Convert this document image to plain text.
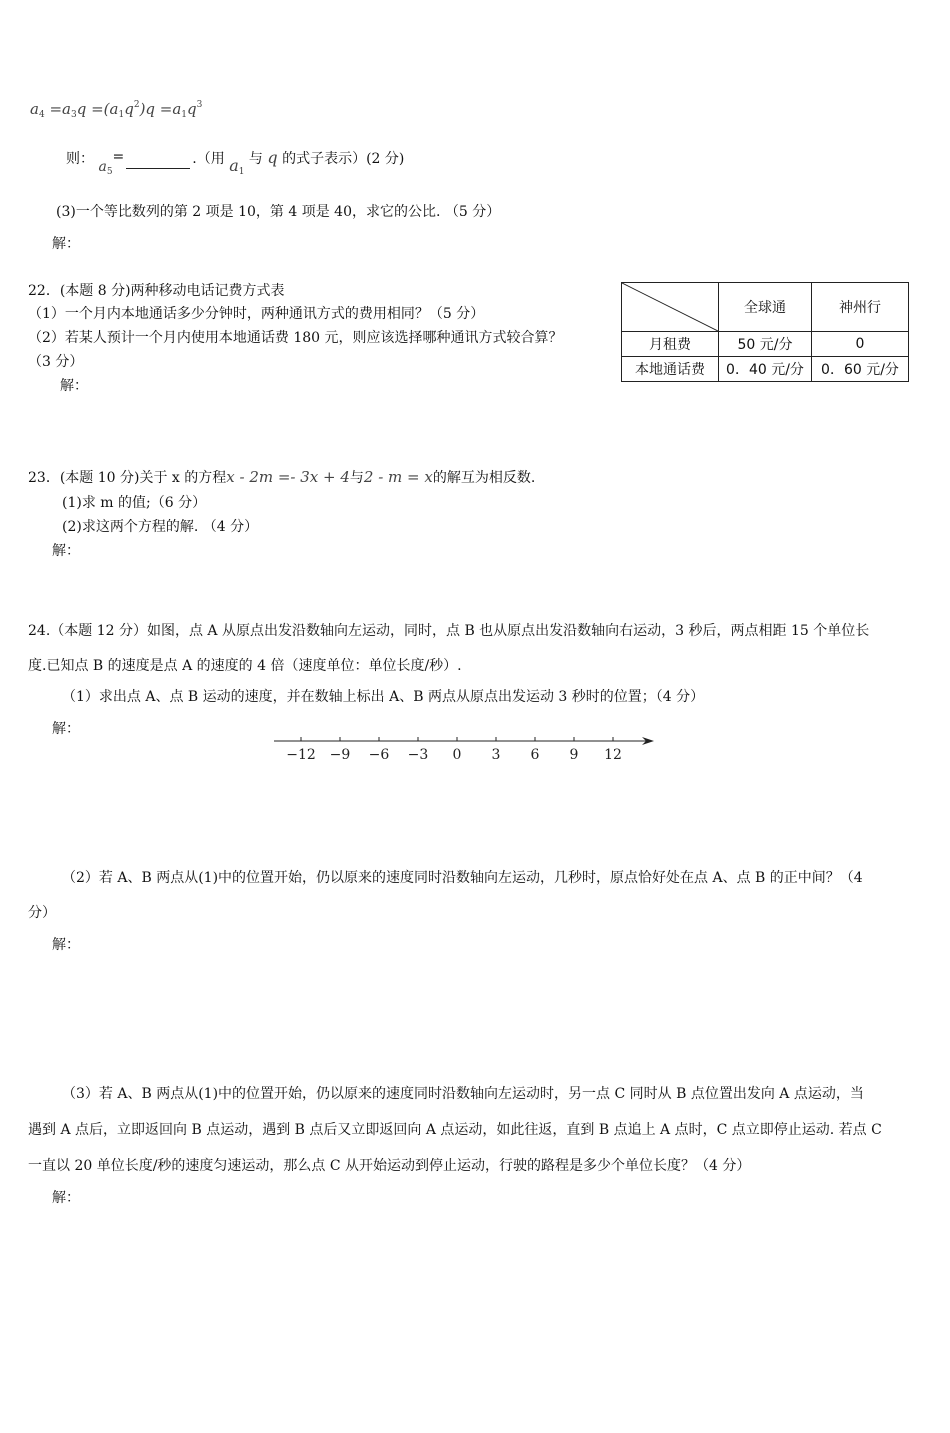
$a_4 =a_3q =(a_1q^2)q =a_1q^3$
则： $a_5=$	.（用 $a_1$ 与 q 的式子表示）(2 分)
(3)一个等比数列的第 2 项是 10，第 4 项是 40，求它的公比. （5 分）
解：
22．(本题 8 分)两种移动电话记费方式表
（1）一个月内本地通话多少分钟时，两种通讯方式的费用相同？（5 分）
（2）若某人预计一个月内使用本地通话费 180 元，则应该选择哪种通讯方式较合算？
（3 分）
解：
	全球通	神州行
月租费	50 元/分	0
本地通话费	0．40 元/分	0．60 元/分
23．(本题 10 分)关于 x 的方程x - 2m =- 3x + 4与2 - m = x的解互为相反数.
(1)求 m 的值;（6 分）
(2)求这两个方程的解. （4 分）
解：
24.（本题 12 分）如图，点 A 从原点出发沿数轴向左运动，同时，点 B 也从原点出发沿数轴向右运动，3 秒后，两点相距 15 个单位长
度.已知点 B 的速度是点 A 的速度的 4 倍（速度单位：单位长度/秒）.
（1）求出点 A、点 B 运动的速度，并在数轴上标出 A、B 两点从原点出发运动 3 秒时的位置；（4 分）
解：
−12 −9 −6 −3 0 3 6 9 12
（2）若 A、B 两点从(1)中的位置开始，仍以原来的速度同时沿数轴向左运动，几秒时，原点恰好处在点 A、点 B 的正中间？（4
分）
解：
（3）若 A、B 两点从(1)中的位置开始，仍以原来的速度同时沿数轴向左运动时，另一点 C 同时从 B 点位置出发向 A 点运动，当
遇到 A 点后，立即返回向 B 点运动，遇到 B 点后又立即返回向 A 点运动，如此往返，直到 B 点追上 A 点时，C 点立即停止运动. 若点 C
一直以 20 单位长度/秒的速度匀速运动，那么点 C 从开始运动到停止运动，行驶的路程是多少个单位长度？（4 分）
解：
